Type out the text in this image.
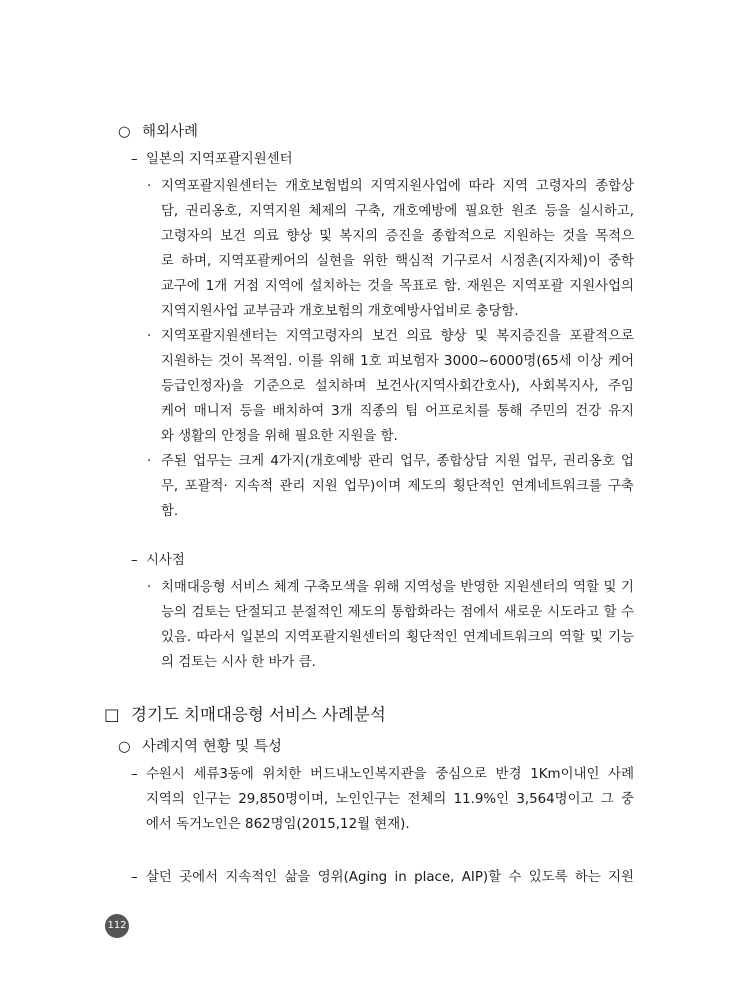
○ 해외사례
– 일본의 지역포괄지원센터
· 지역포괄지원센터는 개호보험법의 지역지원사업에 따라 지역 고령자의 종합상

담, 권리옹호, 지역지원 체제의 구축, 개호예방에 필요한 원조 등을 실시하고,

고령자의 보건 의료 향상 및 복지의 증진을 종합적으로 지원하는 것을 목적으

로 하며, 지역포괄케어의 실현을 위한 핵심적 기구로서 시정촌(지자체)이 중학

교구에 1개 거점 지역에 설치하는 것을 목표로 함. 재원은 지역포괄 지원사업의

지역지원사업 교부금과 개호보험의 개호예방사업비로 충당함.

· 지역포괄지원센터는 지역고령자의 보건 의료 향상 및 복지증진을 포괄적으로

지원하는 것이 목적임. 이를 위해 1호 피보험자 3000~6000명(65세 이상 케어

등급인정자)을 기준으로 설치하며 보건사(지역사회간호사), 사회복지사, 주임

케어 매니저 등을 배치하여 3개 직종의 팀 어프로치를 통해 주민의 건강 유지

와 생활의 안정을 위해 필요한 지원을 함.

· 주된 업무는 크게 4가지(개호예방 관리 업무, 종합상담 지원 업무, 권리옹호 업

무, 포괄적· 지속적 관리 지원 업무)이며 제도의 횡단적인 연계네트워크를 구축

함.

– 시사점
· 치매대응형 서비스 체계 구축모색을 위해 지역성을 반영한 지원센터의 역할 및 기

능의 검토는 단절되고 분절적인 제도의 통합화라는 점에서 새로운 시도라고 할 수

있음. 따라서 일본의 지역포괄지원센터의 횡단적인 연계네트워크의 역할 및 기능

의 검토는 시사 한 바가 큼.

□ 경기도 치매대응형 서비스 사례분석
○ 사례지역 현황 및 특성
– 수원시 세류3동에 위치한 버드내노인복지관을 중심으로 반경 1Km이내인 사례

지역의 인구는 29,850명이며, 노인인구는 전체의 11.9%인 3,564명이고 그 중

에서 독거노인은 862명임(2015,12월 현재).

– 살던 곳에서 지속적인 삶을 영위(Aging in place, AIP)할 수 있도록 하는 지원

112
